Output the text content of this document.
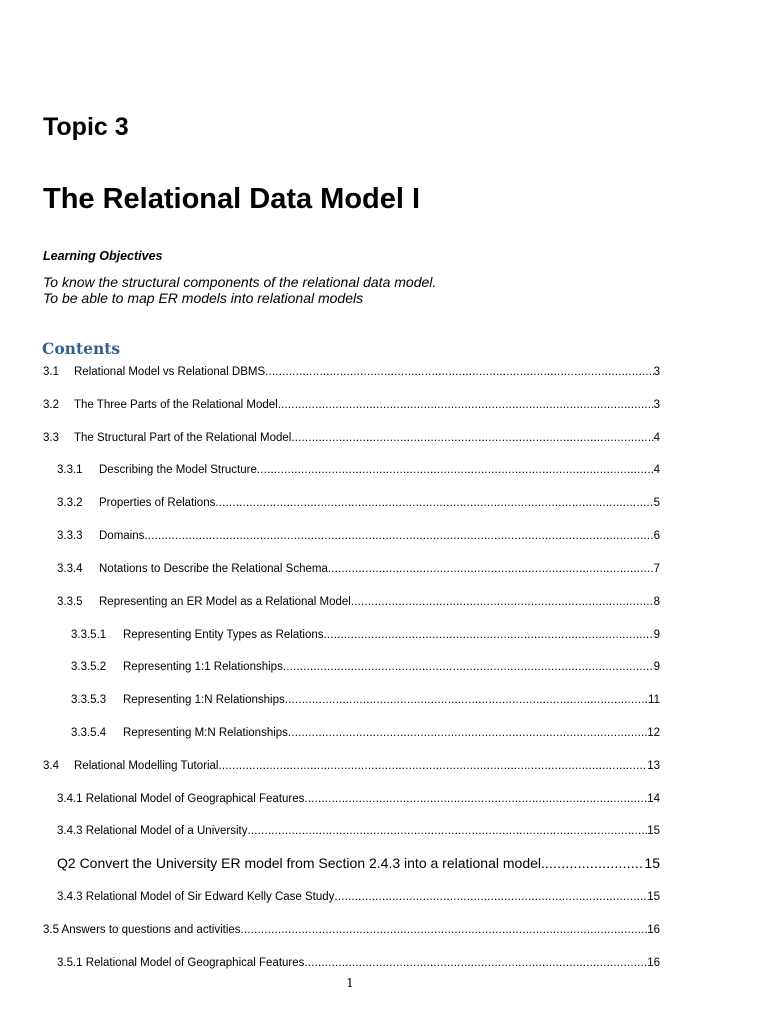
Topic 3
The Relational Data Model I
Learning Objectives
To know the structural components of the relational data model.
To be able to map ER models into relational models
Contents
3.1	Relational Model vs Relational DBMS .....	3
3.2	The Three Parts of the Relational Model .....	3
3.3	The Structural Part of the Relational Model .....	4
3.3.1	Describing the Model Structure .....	4
3.3.2	Properties of Relations .....	5
3.3.3	Domains .....	6
3.3.4	Notations to Describe the Relational Schema .....	7
3.3.5	Representing an ER Model as a Relational Model .....	8
3.3.5.1	Representing Entity Types as Relations .....	9
3.3.5.2	Representing 1:1 Relationships .....	9
3.3.5.3	Representing 1:N Relationships .....	11
3.3.5.4	Representing M:N Relationships .....	12
3.4	Relational Modelling Tutorial .....	13
3.4.1 Relational Model of Geographical Features .....	14
3.4.3 Relational Model of a University .....	15
Q2 Convert the University ER model from Section 2.4.3 into a relational model. .....	15
3.4.3 Relational Model of Sir Edward Kelly Case Study .....	15
3.5 Answers to questions and activities .....	16
3.5.1 Relational Model of Geographical Features .....	16
1
